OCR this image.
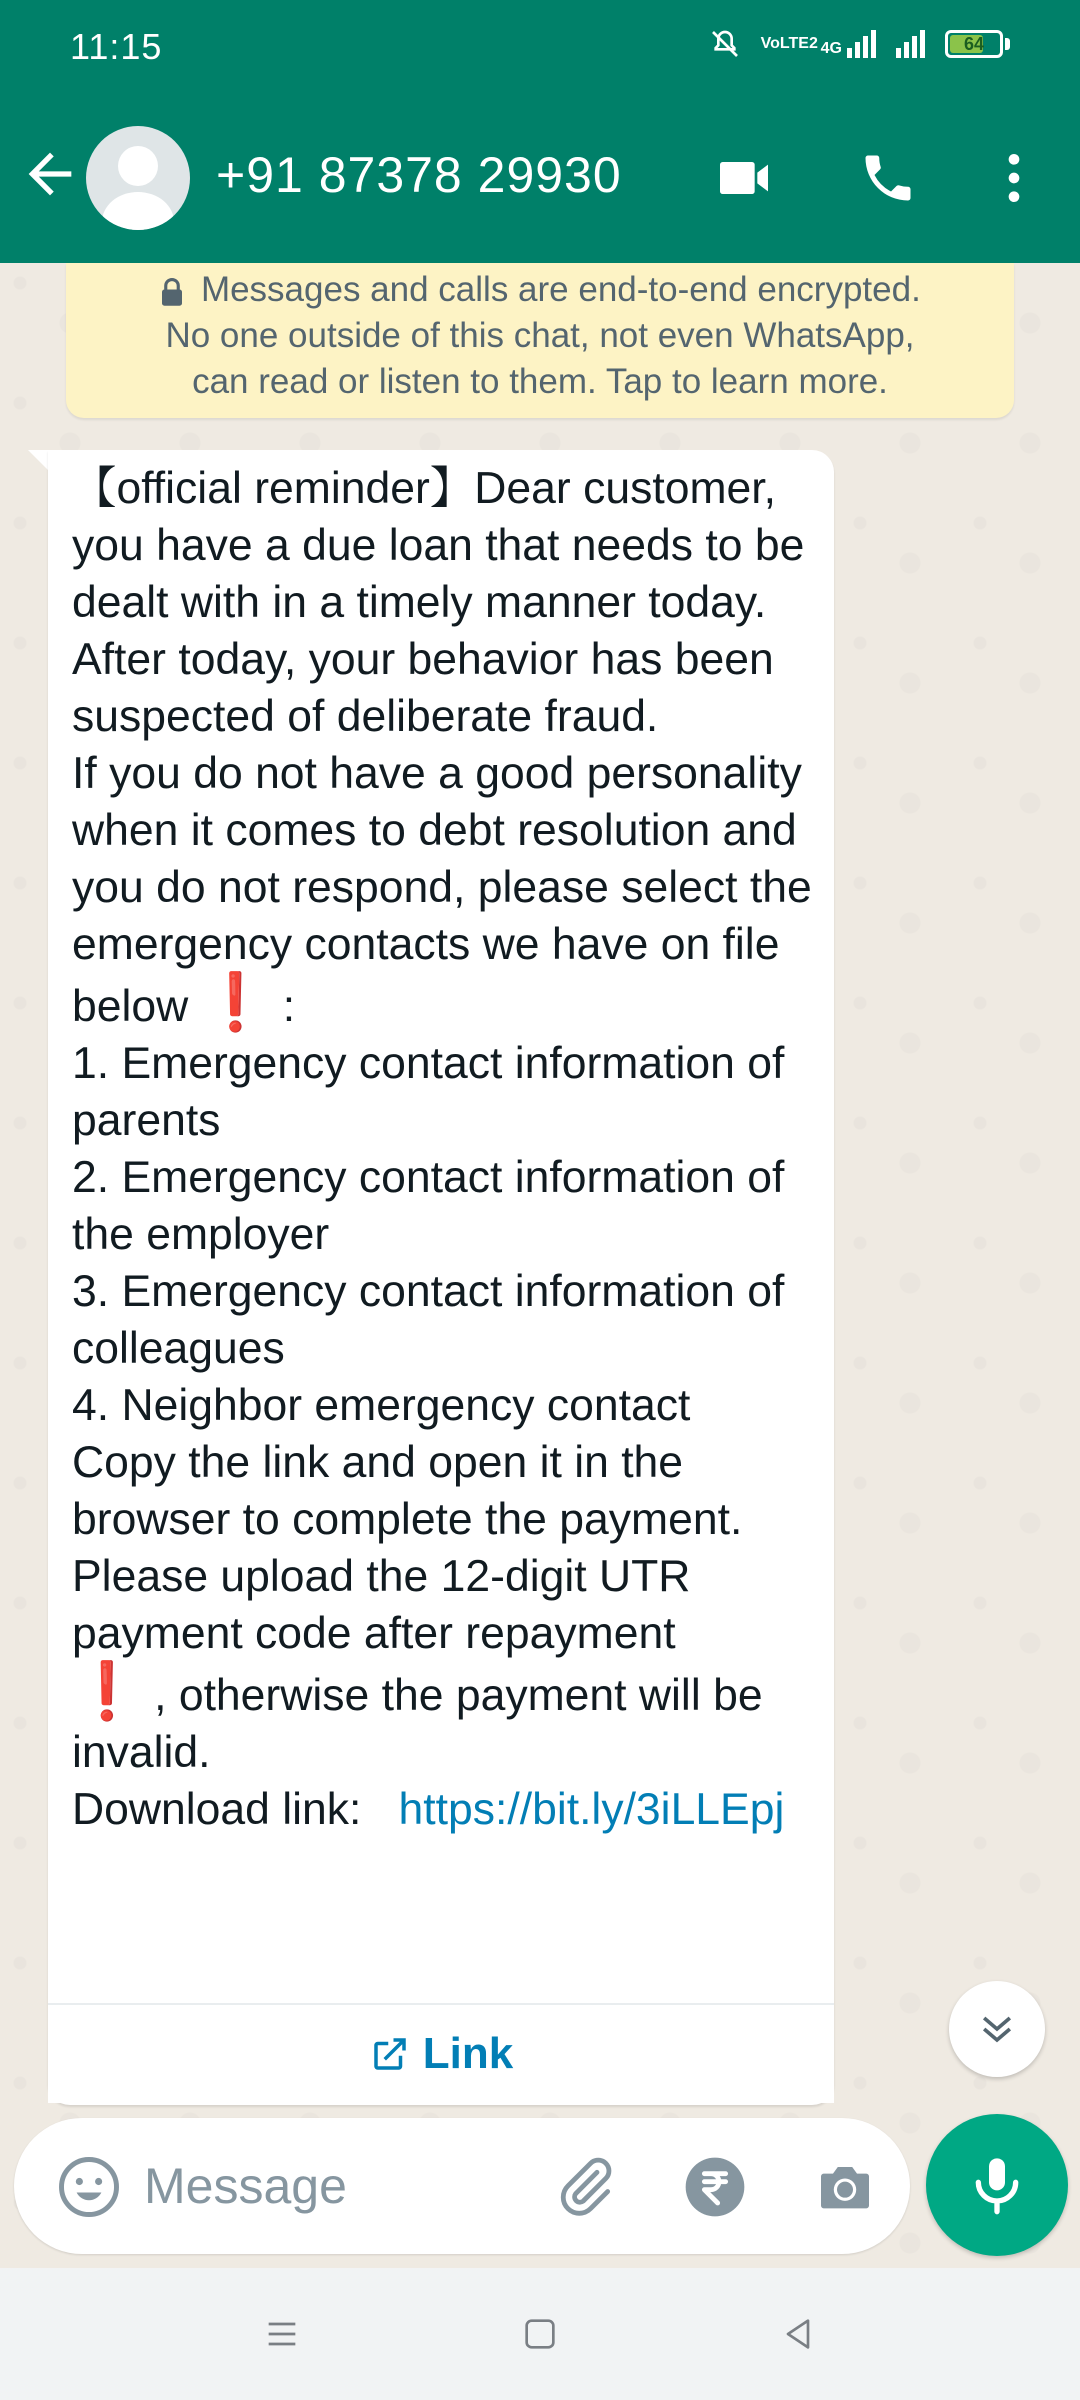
11:15	VoLTE2 4G	64
+91 87378 29930
Messages and calls are end-to-end encrypted.
No one outside of this chat, not even WhatsApp,
can read or listen to them. Tap to learn more.
【official reminder】Dear customer, you have a due loan that needs to be dealt with in a timely manner today. After today, your behavior has been suspected of deliberate fraud.
If you do not have a good personality when it comes to debt resolution and you do not respond, please select the emergency contacts we have on file below ❗ :
1. Emergency contact information of parents
2. Emergency contact information of the employer
3. Emergency contact information of colleagues
4. Neighbor emergency contact
Copy the link and open it in the browser to complete the payment. Please upload the 12-digit UTR payment code after repayment
❗ , otherwise the payment will be invalid.
Download link:   https://bit.ly/3iLLEpj
Link
Message
